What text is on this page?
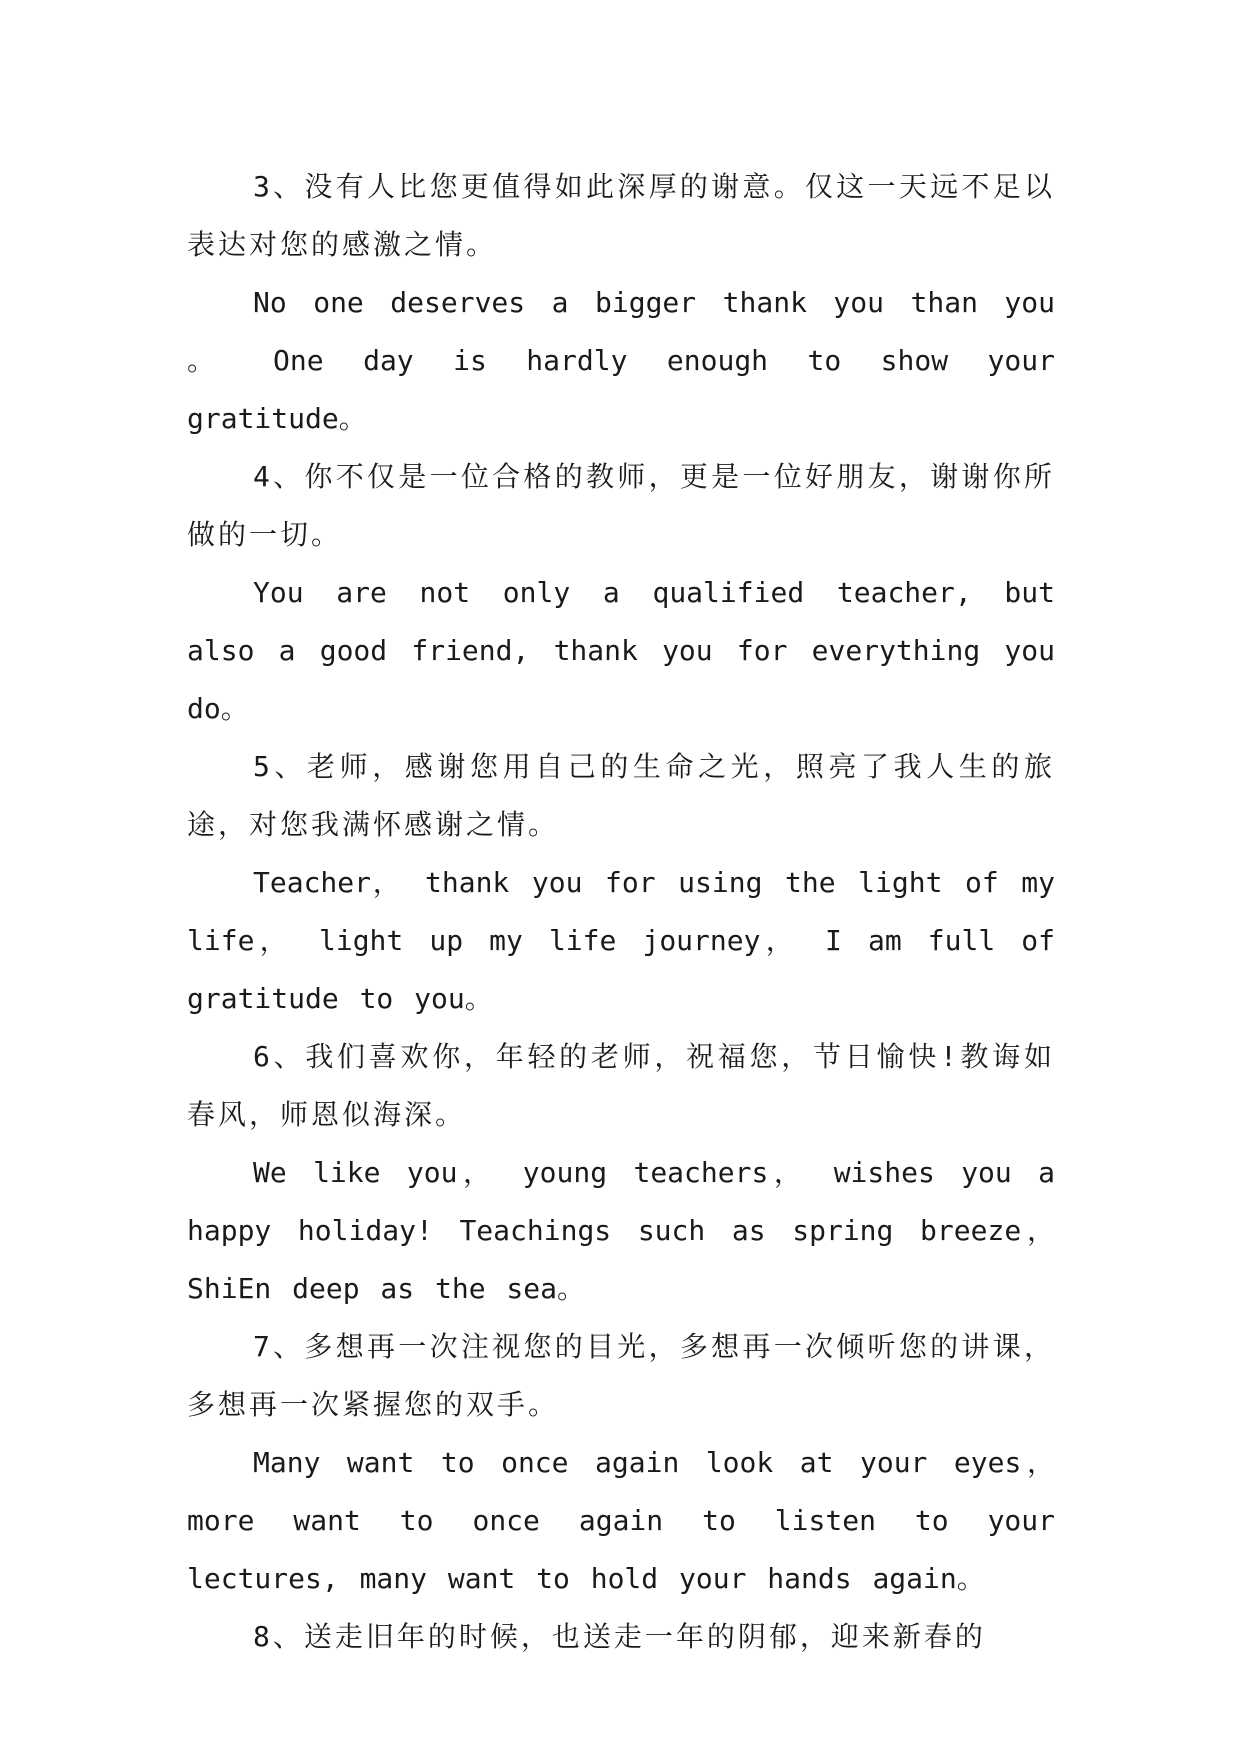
3、没有人比您更值得如此深厚的谢意。仅这一天远不足以表达对您的感激之情。

No one deserves a bigger thank you than you 。 One day is hardly enough to show your gratitude。

4、你不仅是一位合格的教师，更是一位好朋友，谢谢你所做的一切。

You are not only a qualified teacher, but also a good friend, thank you for everything you do。

5、老师，感谢您用自己的生命之光，照亮了我人生的旅途，对您我满怀感谢之情。

Teacher， thank you for using the light of my life， light up my life journey， I am full of gratitude to you。

6、我们喜欢你，年轻的老师，祝福您，节日愉快!教诲如春风，师恩似海深。

We like you， young teachers， wishes you a happy holiday! Teachings such as spring breeze，ShiEn deep as the sea。

7、多想再一次注视您的目光，多想再一次倾听您的讲课，多想再一次紧握您的双手。

Many want to once again look at your eyes，more want to once again to listen to your lectures, many want to hold your hands again。

8、送走旧年的时候，也送走一年的阴郁，迎来新春的
